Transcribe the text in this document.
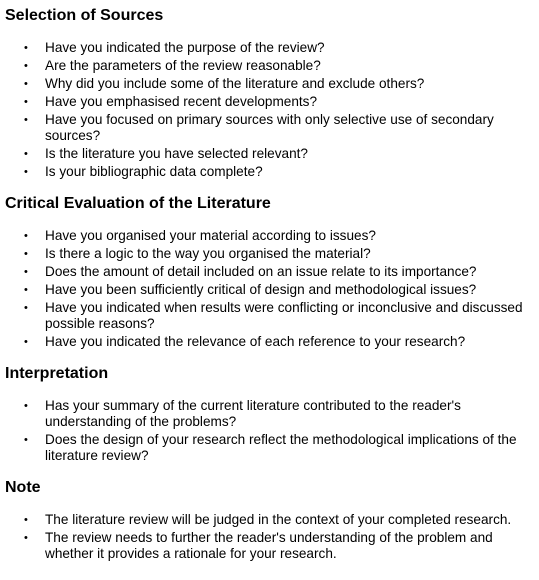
Selection of Sources
• Have you indicated the purpose of the review?
• Are the parameters of the review reasonable?
• Why did you include some of the literature and exclude others?
• Have you emphasised recent developments?
• Have you focused on primary sources with only selective use of secondary sources?
• Is the literature you have selected relevant?
• Is your bibliographic data complete?
Critical Evaluation of the Literature
• Have you organised your material according to issues?
• Is there a logic to the way you organised the material?
• Does the amount of detail included on an issue relate to its importance?
• Have you been sufficiently critical of design and methodological issues?
• Have you indicated when results were conflicting or inconclusive and discussed possible reasons?
• Have you indicated the relevance of each reference to your research?
Interpretation
• Has your summary of the current literature contributed to the reader's understanding of the problems?
• Does the design of your research reflect the methodological implications of the literature review?
Note
• The literature review will be judged in the context of your completed research.
• The review needs to further the reader's understanding of the problem and whether it provides a rationale for your research.
